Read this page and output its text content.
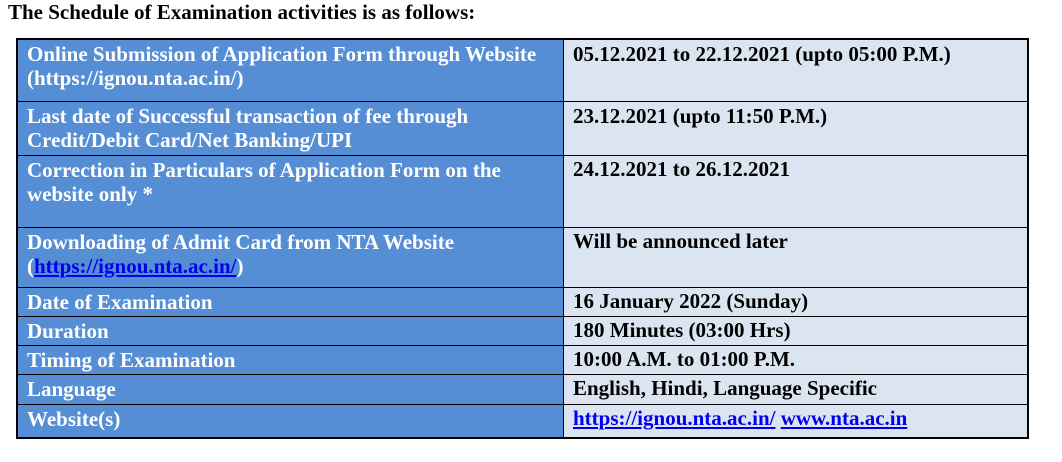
The Schedule of Examination activities is as follows:
Online Submission of Application Form through Website (https://ignou.nta.ac.in/)	05.12.2021 to 22.12.2021 (upto 05:00 P.M.)
Last date of Successful transaction of fee through Credit/Debit Card/Net Banking/UPI	23.12.2021 (upto 11:50 P.M.)
Correction in Particulars of Application Form on the website only *	24.12.2021 to 26.12.2021
Downloading of Admit Card from NTA Website (https://ignou.nta.ac.in/)	Will be announced later
Date of Examination	16 January 2022 (Sunday)
Duration	180 Minutes (03:00 Hrs)
Timing of Examination	10:00 A.M. to 01:00 P.M.
Language	English, Hindi, Language Specific
Website(s)	https://ignou.nta.ac.in/ www.nta.ac.in
